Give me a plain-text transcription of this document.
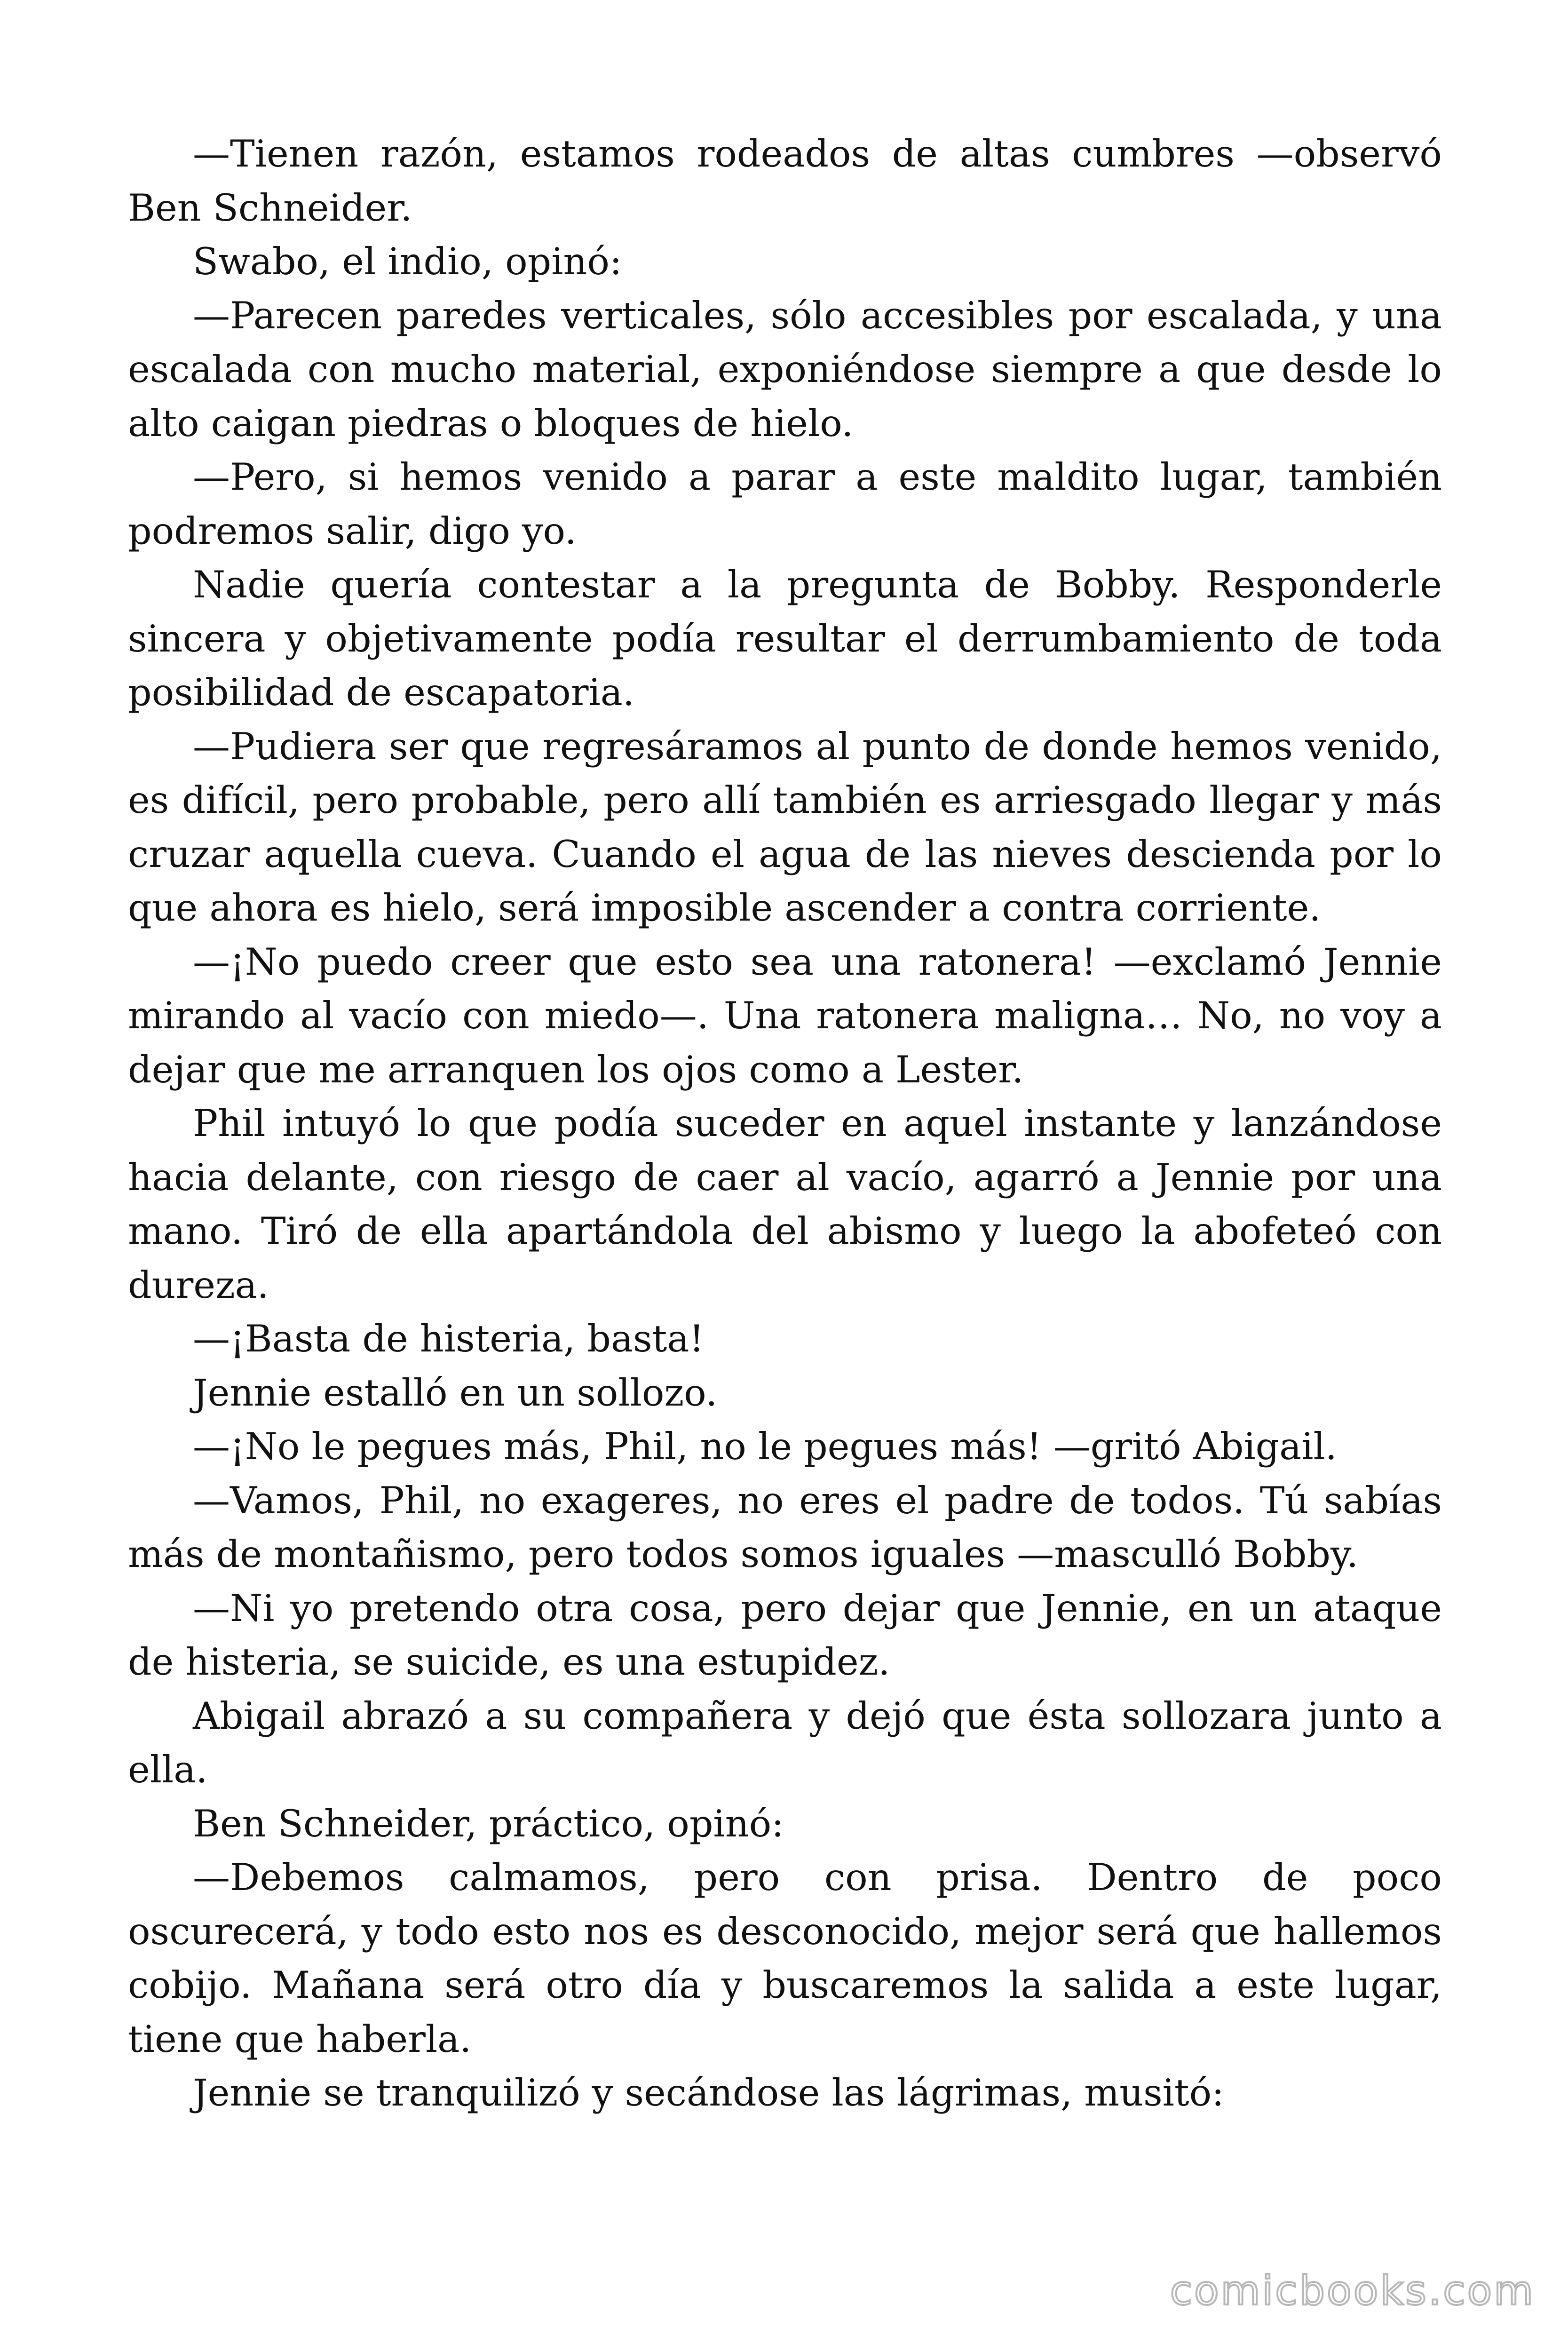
—Tienen razón, estamos rodeados de altas cumbres —observó Ben Schneider.

Swabo, el indio, opinó:

—Parecen paredes verticales, sólo accesibles por escalada, y una escalada con mucho material, exponiéndose siempre a que desde lo alto caigan piedras o bloques de hielo.

—Pero, si hemos venido a parar a este maldito lugar, también podremos salir, digo yo.

Nadie quería contestar a la pregunta de Bobby. Responderle sincera y objetivamente podía resultar el derrumbamiento de toda posibilidad de escapatoria.

—Pudiera ser que regresáramos al punto de donde hemos venido, es difícil, pero probable, pero allí también es arriesgado llegar y más cruzar aquella cueva. Cuando el agua de las nieves descienda por lo que ahora es hielo, será imposible ascender a contra corriente.

—¡No puedo creer que esto sea una ratonera! —exclamó Jennie mirando al vacío con miedo—. Una ratonera maligna… No, no voy a dejar que me arranquen los ojos como a Lester.

Phil intuyó lo que podía suceder en aquel instante y lanzándose hacia delante, con riesgo de caer al vacío, agarró a Jennie por una mano. Tiró de ella apartándola del abismo y luego la abofeteó con dureza.

—¡Basta de histeria, basta!

Jennie estalló en un sollozo.

—¡No le pegues más, Phil, no le pegues más! —gritó Abigail.

—Vamos, Phil, no exageres, no eres el padre de todos. Tú sabías más de montañismo, pero todos somos iguales —masculló Bobby.

—Ni yo pretendo otra cosa, pero dejar que Jennie, en un ataque de histeria, se suicide, es una estupidez.

Abigail abrazó a su compañera y dejó que ésta sollozara junto a ella.

Ben Schneider, práctico, opinó:

—Debemos calmamos, pero con prisa. Dentro de poco oscurecerá, y todo esto nos es desconocido, mejor será que hallemos cobijo. Mañana será otro día y buscaremos la salida a este lugar, tiene que haberla.

Jennie se tranquilizó y secándose las lágrimas, musitó:

comicbooks.com
